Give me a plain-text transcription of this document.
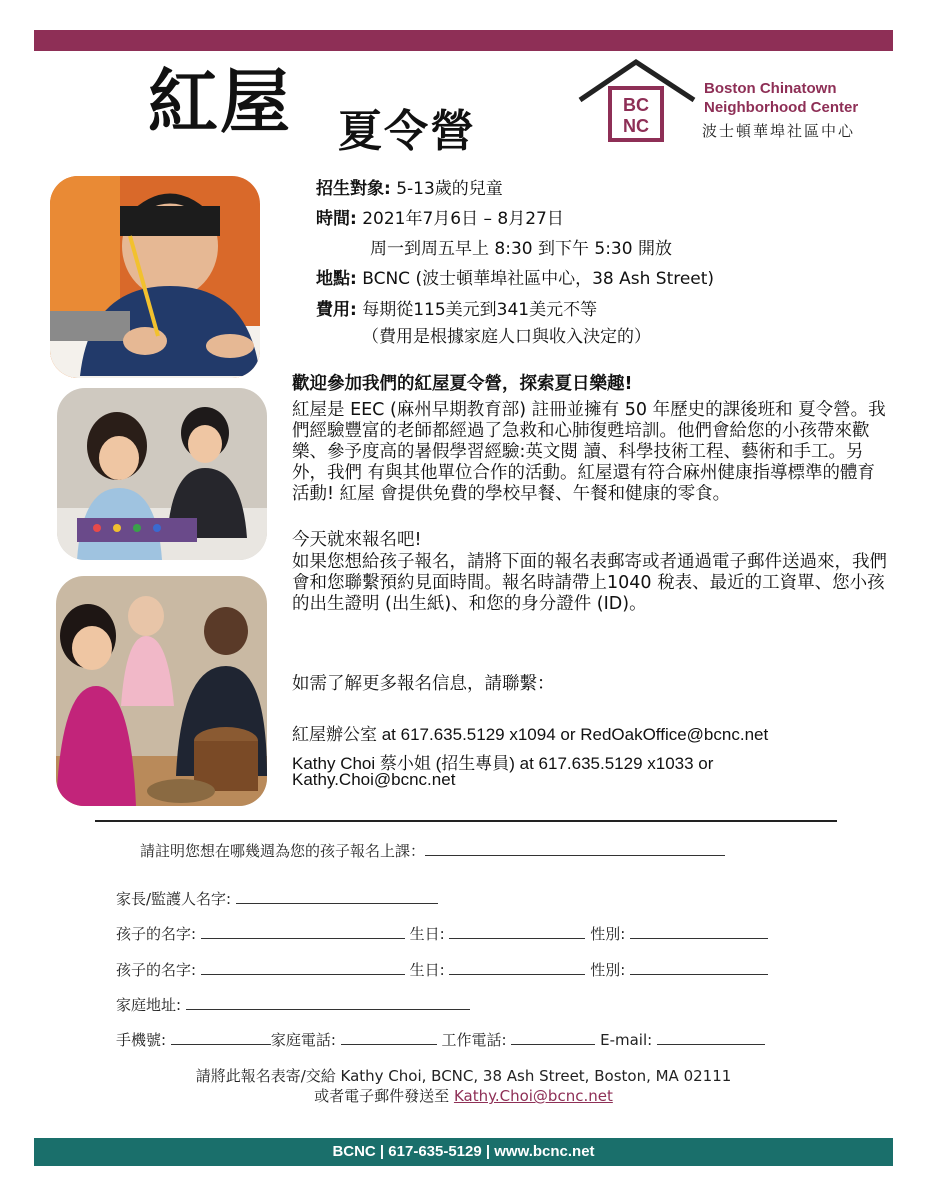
紅屋 夏令營
BC
NC
Boston Chinatown
Neighborhood Center
波士頓華埠社區中心
招生對象: 5-13歲的兒童
時間: 2021年7月6日 – 8月27日
周一到周五早上 8:30 到下午 5:30 開放
地點: BCNC (波士頓華埠社區中心，38 Ash Street)
費用: 每期從115美元到341美元不等
（費用是根據家庭人口與收入決定的）
歡迎參加我們的紅屋夏令營，探索夏日樂趣!
紅屋是 EEC (麻州早期教育部) 註冊並擁有 50 年歷史的課後班和 夏令營。我們經驗豐富的老師都經過了急救和心肺復甦培訓。他們會給您的小孩帶來歡樂、參予度高的暑假學習經驗:英文閱 讀、科學技術工程、藝術和手工。另外，我們 有與其他單位合作的活動。紅屋還有符合麻州健康指導標準的體育活動! 紅屋 會提供免費的學校早餐、午餐和健康的零食。
今天就來報名吧!
如果您想給孩子報名，請將下面的報名表郵寄或者通過電子郵件送過來，我們會和您聯繫預約見面時間。報名時請帶上1040 稅表、最近的工資單、您小孩的出生證明 (出生紙)、和您的身分證件 (ID)。
如需了解更多報名信息，請聯繫：
紅屋辦公室 at 617.635.5129 x1094 or RedOakOffice@bcnc.net
Kathy Choi 蔡小姐 (招生專員) at 617.635.5129 x1033 or
Kathy.Choi@bcnc.net
請註明您想在哪幾週為您的孩子報名上課：
家長/監護人名字:
孩子的名字:	生日:	性別:
孩子的名字:	生日:	性別:
家庭地址:
手機號:	家庭電話:	工作電話:	E-mail:
請將此報名表寄/交給 Kathy Choi, BCNC, 38 Ash Street, Boston, MA 02111
或者電子郵件發送至 Kathy.Choi@bcnc.net
BCNC | 617-635-5129 | www.bcnc.net
